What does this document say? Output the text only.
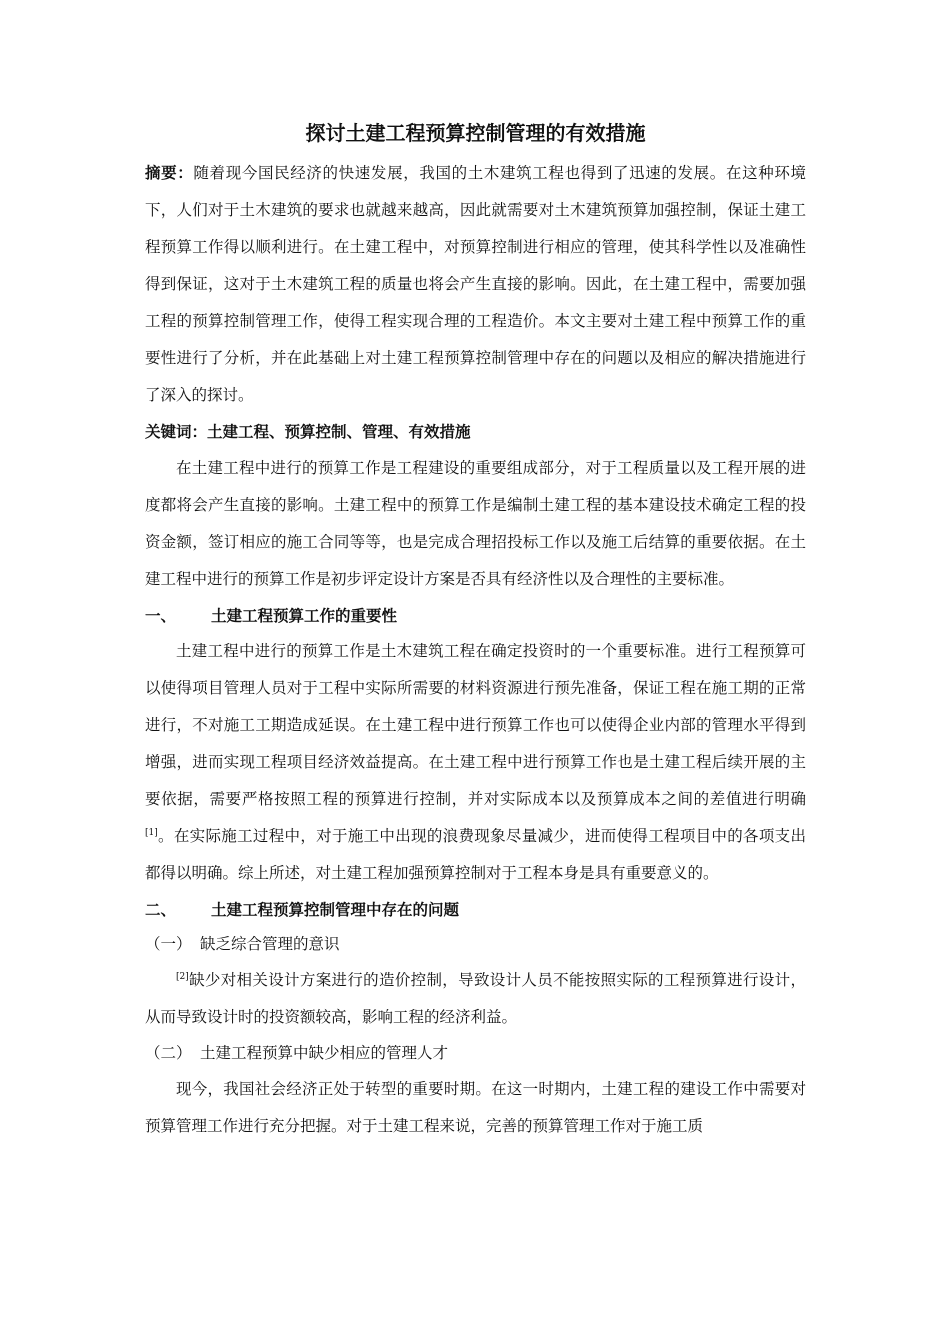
探讨土建工程预算控制管理的有效措施

摘要：随着现今国民经济的快速发展，我国的土木建筑工程也得到了迅速的发展。在这种环境下，人们对于土木建筑的要求也就越来越高，因此就需要对土木建筑预算加强控制，保证土建工程预算工作得以顺利进行。在土建工程中，对预算控制进行相应的管理，使其科学性以及准确性得到保证，这对于土木建筑工程的质量也将会产生直接的影响。因此，在土建工程中，需要加强工程的预算控制管理工作，使得工程实现合理的工程造价。本文主要对土建工程中预算工作的重要性进行了分析，并在此基础上对土建工程预算控制管理中存在的问题以及相应的解决措施进行了深入的探讨。

关键词：土建工程、预算控制、管理、有效措施

在土建工程中进行的预算工作是工程建设的重要组成部分，对于工程质量以及工程开展的进度都将会产生直接的影响。土建工程中的预算工作是编制土建工程的基本建设技术确定工程的投资金额，签订相应的施工合同等等，也是完成合理招投标工作以及施工后结算的重要依据。在土建工程中进行的预算工作是初步评定设计方案是否具有经济性以及合理性的主要标准。

一、 土建工程预算工作的重要性

土建工程中进行的预算工作是土木建筑工程在确定投资时的一个重要标准。进行工程预算可以使得项目管理人员对于工程中实际所需要的材料资源进行预先准备，保证工程在施工期的正常进行，不对施工工期造成延误。在土建工程中进行预算工作也可以使得企业内部的管理水平得到增强，进而实现工程项目经济效益提高。在土建工程中进行预算工作也是土建工程后续开展的主要依据，需要严格按照工程的预算进行控制，并对实际成本以及预算成本之间的差值进行明确[1]。在实际施工过程中，对于施工中出现的浪费现象尽量减少，进而使得工程项目中的各项支出都得以明确。综上所述，对土建工程加强预算控制对于工程本身是具有重要意义的。

二、 土建工程预算控制管理中存在的问题

（一） 缺乏综合管理的意识

[2]缺少对相关设计方案进行的造价控制，导致设计人员不能按照实际的工程预算进行设计，从而导致设计时的投资额较高，影响工程的经济利益。

（二） 土建工程预算中缺少相应的管理人才

现今，我国社会经济正处于转型的重要时期。在这一时期内，土建工程的建设工作中需要对预算管理工作进行充分把握。对于土建工程来说，完善的预算管理工作对于施工质
